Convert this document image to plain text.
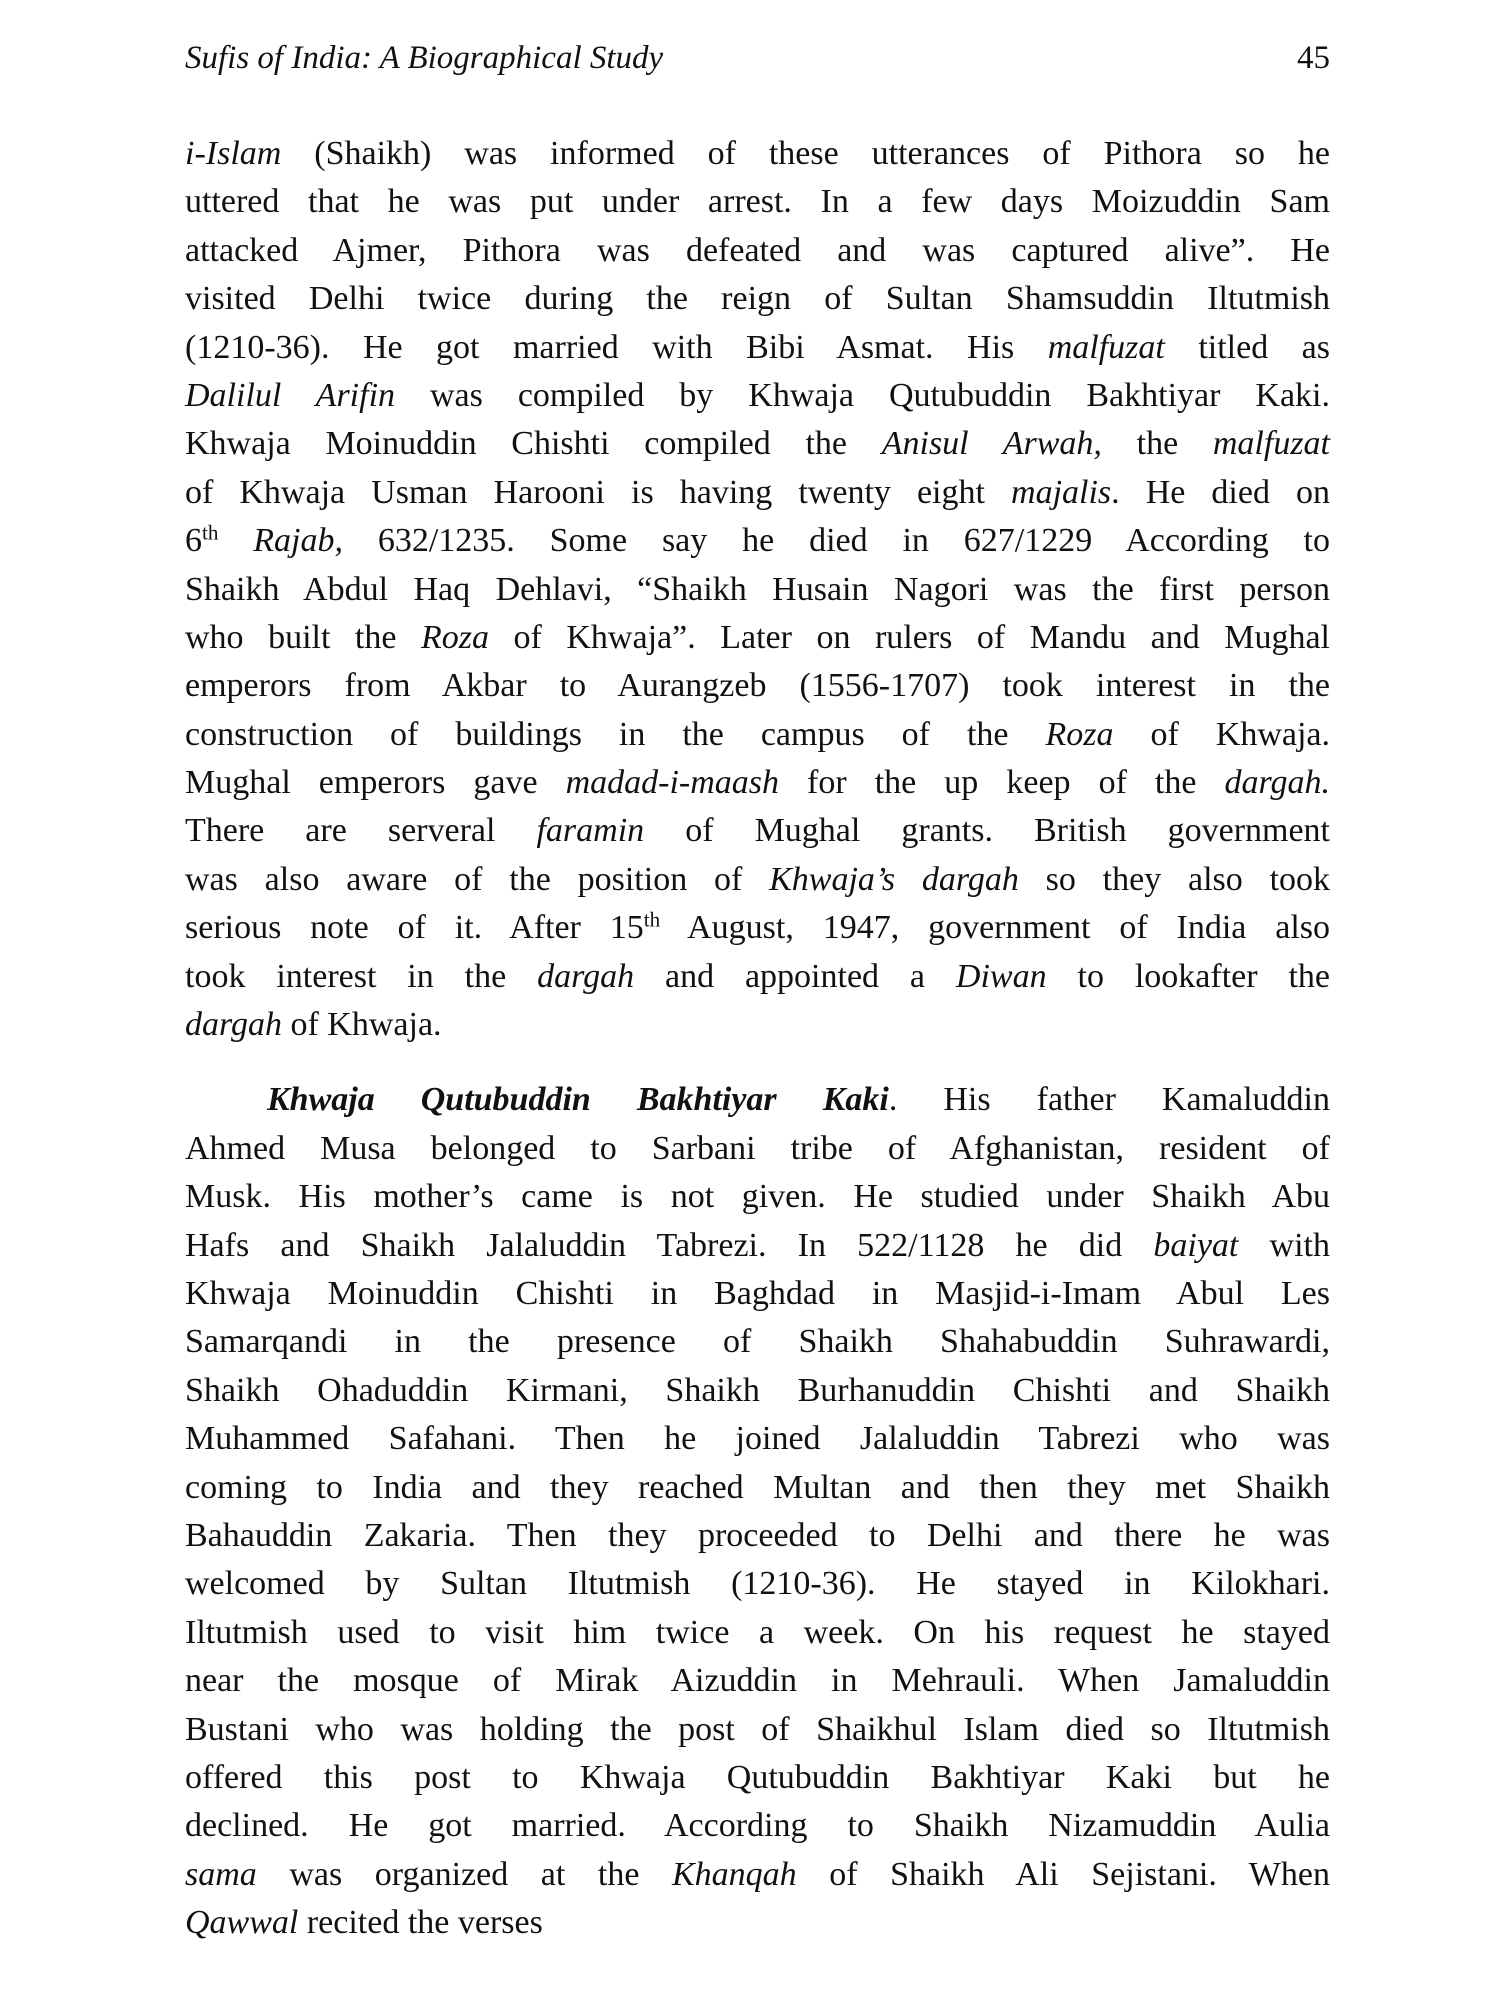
Sufis of India: A Biographical Study	45
i-Islam (Shaikh) was informed of these utterances of Pithora so he
uttered that he was put under arrest. In a few days Moizuddin Sam
attacked Ajmer, Pithora was defeated and was captured alive”. He
visited Delhi twice during the reign of Sultan Shamsuddin Iltutmish
(1210-36). He got married with Bibi Asmat. His malfuzat titled as
Dalilul Arifin was compiled by Khwaja Qutubuddin Bakhtiyar Kaki.
Khwaja Moinuddin Chishti compiled the Anisul Arwah, the malfuzat
of Khwaja Usman Harooni is having twenty eight majalis. He died on
6th Rajab, 632/1235. Some say he died in 627/1229 According to
Shaikh Abdul Haq Dehlavi, “Shaikh Husain Nagori was the first person
who built the Roza of Khwaja”. Later on rulers of Mandu and Mughal
emperors from Akbar to Aurangzeb (1556-1707) took interest in the
construction of buildings in the campus of the Roza of Khwaja.
Mughal emperors gave madad-i-maash for the up keep of the dargah.
There are serveral faramin of Mughal grants. British government
was also aware of the position of Khwaja’s dargah so they also took
serious note of it. After 15th August, 1947, government of India also
took interest in the dargah and appointed a Diwan to lookafter the
dargah of Khwaja.
Khwaja Qutubuddin Bakhtiyar Kaki. His father Kamaluddin
Ahmed Musa belonged to Sarbani tribe of Afghanistan, resident of
Musk. His mother’s came is not given. He studied under Shaikh Abu
Hafs and Shaikh Jalaluddin Tabrezi. In 522/1128 he did baiyat with
Khwaja Moinuddin Chishti in Baghdad in Masjid-i-Imam Abul Les
Samarqandi in the presence of Shaikh Shahabuddin Suhrawardi,
Shaikh Ohaduddin Kirmani, Shaikh Burhanuddin Chishti and Shaikh
Muhammed Safahani. Then he joined Jalaluddin Tabrezi who was
coming to India and they reached Multan and then they met Shaikh
Bahauddin Zakaria. Then they proceeded to Delhi and there he was
welcomed by Sultan Iltutmish (1210-36). He stayed in Kilokhari.
Iltutmish used to visit him twice a week. On his request he stayed
near the mosque of Mirak Aizuddin in Mehrauli. When Jamaluddin
Bustani who was holding the post of Shaikhul Islam died so Iltutmish
offered this post to Khwaja Qutubuddin Bakhtiyar Kaki but he
declined. He got married. According to Shaikh Nizamuddin Aulia
sama was organized at the Khanqah of Shaikh Ali Sejistani. When
Qawwal recited the verses
